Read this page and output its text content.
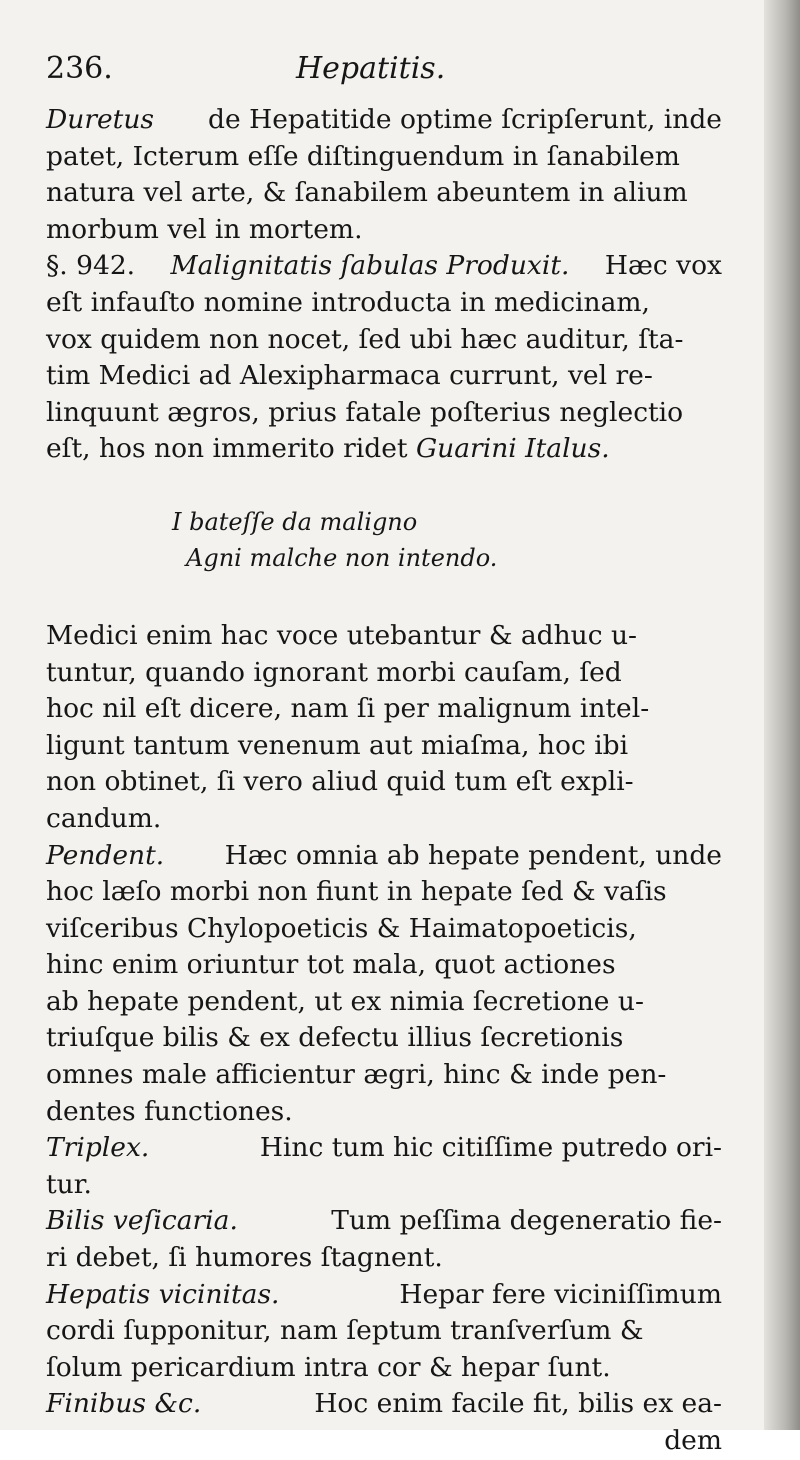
236.	Hepatitis.
Duretus de Hepatitide optime ſcripſerunt, inde
patet, Icterum eſſe diſtinguendum in ſanabilem
natura vel arte, & ſanabilem abeuntem in alium
morbum vel in mortem.
§. 942. Malignitatis ſabulas Produxit. Hæc vox
eſt infauſto nomine introducta in medicinam,
vox quidem non nocet, ſed ubi hæc auditur, ſta-
tim Medici ad Alexipharmaca currunt, vel re-
linquunt ægros, prius fatale poſterius neglectio
eſt, hos non immerito ridet
Guarini Italus.
I bateſſe da maligno
Agni malche non intendo.
Medici enim hac voce utebantur & adhuc u-
tuntur, quando ignorant morbi cauſam, ſed
hoc nil eſt dicere, nam ſi per malignum intel-
ligunt tantum venenum aut miaſma, hoc ibi
non obtinet, ſi vero aliud quid tum eſt expli-
candum.
Pendent. Hæc omnia ab hepate pendent, unde
hoc læſo morbi non fiunt in hepate ſed & vaſis
viſceribus Chylopoeticis & Haimatopoeticis,
hinc enim oriuntur tot mala, quot actiones
ab hepate pendent, ut ex nimia ſecretione u-
triuſque bilis & ex defectu illius ſecretionis
omnes male afficientur ægri, hinc & inde pen-
dentes functiones.
Triplex.	Hinc tum hic citiſſime putredo ori-
tur.
Bilis veſicaria.	Tum peſſima degeneratio fie-
ri debet, ſi humores ſtagnent.
Hepatis vicinitas.	Hepar fere viciniſſimum
cordi ſupponitur, nam ſeptum tranſverſum &
ſolum pericardium intra cor & hepar ſunt.
Finibus &c.	Hoc enim facile fit, bilis ex ea-
dem
